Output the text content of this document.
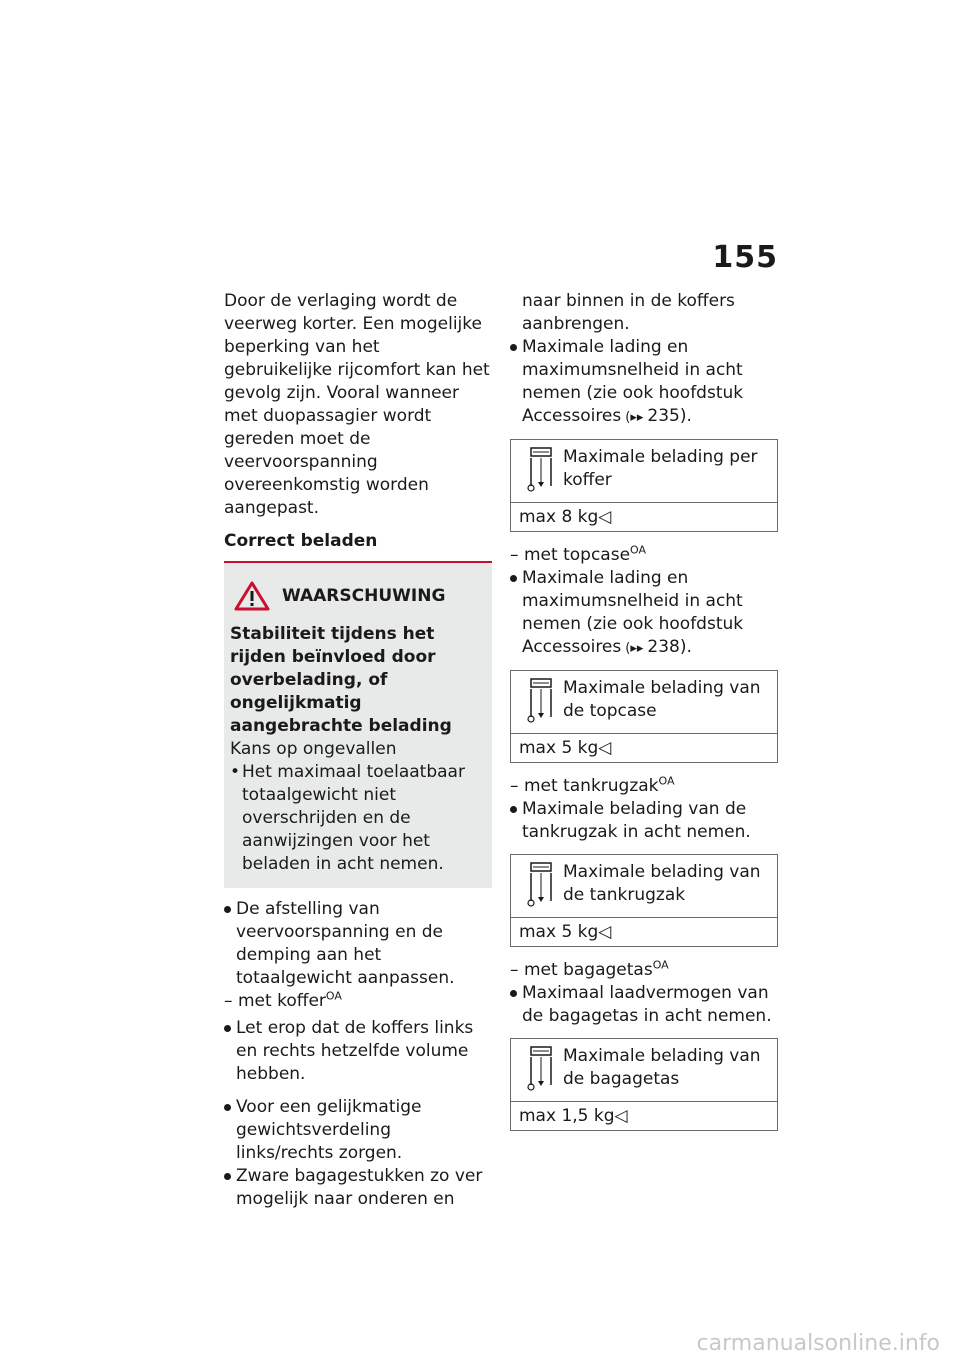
155

Door de verlaging wordt de veerweg korter. Een mogelijke beperking van het gebruikelijke rijcomfort kan het gevolg zijn. Vooral wanneer met duopassagier wordt gereden moet de veervoorspanning overeenkomstig worden aangepast.

Correct beladen
WAARSCHUWING
Stabiliteit tijdens het rijden beïnvloed door overbelading, of ongelijkmatig aangebrachte belading
Kans op ongevallen
• Het maximaal toelaatbaar totaalgewicht niet overschrijden en de aanwijzingen voor het beladen in acht nemen.
De afstelling van veervoorspanning en de demping aan het totaalgewicht aanpassen.
– met koffer$^{OA}$
Let erop dat de koffers links en rechts hetzelfde volume hebben.
Voor een gelijkmatige gewichtsverdeling links/rechts zorgen.
Zware bagagestukken zo ver mogelijk naar onderen en

naar binnen in de koffers aanbrengen.

Maximale lading en maximumsnelheid in acht nemen (zie ook hoofdstuk Accessoires (▸▸ 235).
Maximale belading per koffer
max 8 kg◁
– met topcase$^{OA}$
Maximale lading en maximumsnelheid in acht nemen (zie ook hoofdstuk Accessoires (▸▸ 238).
Maximale belading van de topcase
max 5 kg◁
– met tankrugzak$^{OA}$
Maximale belading van de tankrugzak in acht nemen.
Maximale belading van de tankrugzak
max 5 kg◁
– met bagagetas$^{OA}$
Maximaal laadvermogen van de bagagetas in acht nemen.
Maximale belading van de bagagetas
max 1,5 kg◁
carmanualsonline.info
